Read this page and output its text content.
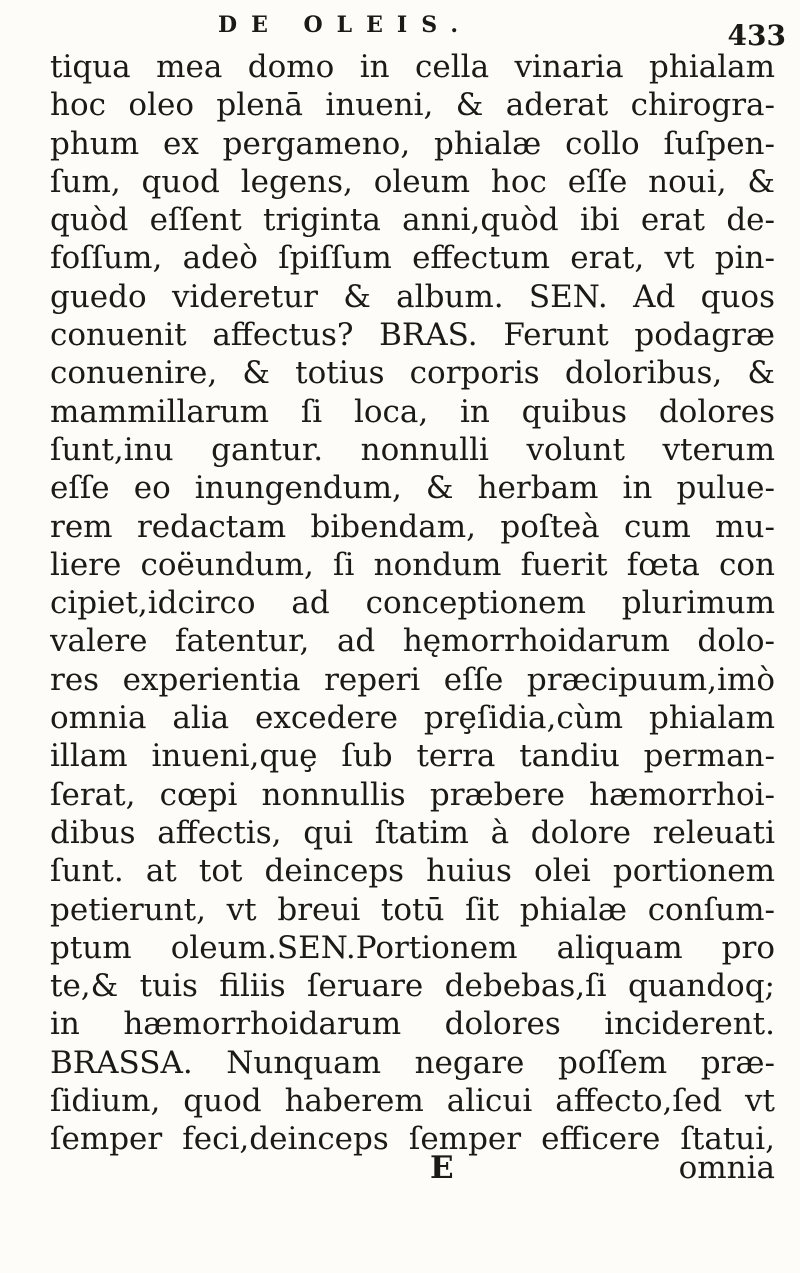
DE OLEIS.	433
tiqua mea domo in cella vinaria phialam
hoc oleo plenā inueni, & aderat chirogra-
phum ex pergameno, phialæ collo ſuſpen-
ſum, quod legens, oleum hoc eſſe noui, &
quòd eſſent triginta anni,quòd ibi erat de-
foſſum, adeò ſpiſſum effectum erat, vt pin-
guedo videretur & album. SEN. Ad quos
conuenit affectus? BRAS. Ferunt podagræ
conuenire, & totius corporis doloribus, &
mammillarum ſi loca, in quibus dolores
ſunt,inu gantur. nonnulli volunt vterum
eſſe eo inungendum, & herbam in pulue-
rem redactam bibendam, poſteà cum mu-
liere coëundum, ſi nondum fuerit fœta con
cipiet,idcirco ad conceptionem plurimum
valere fatentur, ad hęmorrhoidarum dolo-
res experientia reperi eſſe præcipuum,imò
omnia alia excedere prȩſidia,cùm phialam
illam inueni,quȩ ſub terra tandiu perman-
ſerat, cœpi nonnullis præbere hæmorrhoi-
dibus affectis, qui ſtatim à dolore releuati
ſunt. at tot deinceps huius olei portionem
petierunt, vt breui totū ſit phialæ conſum-
ptum oleum.SEN.Portionem aliquam pro
te,& tuis filiis ſeruare debebas,ſi quandoq;
in hæmorrhoidarum dolores inciderent.
BRASSA. Nunquam negare poſſem præ-
ſidium, quod haberem alicui affecto,ſed vt
ſemper feci,deinceps ſemper efficere ſtatui,
E	omnia
